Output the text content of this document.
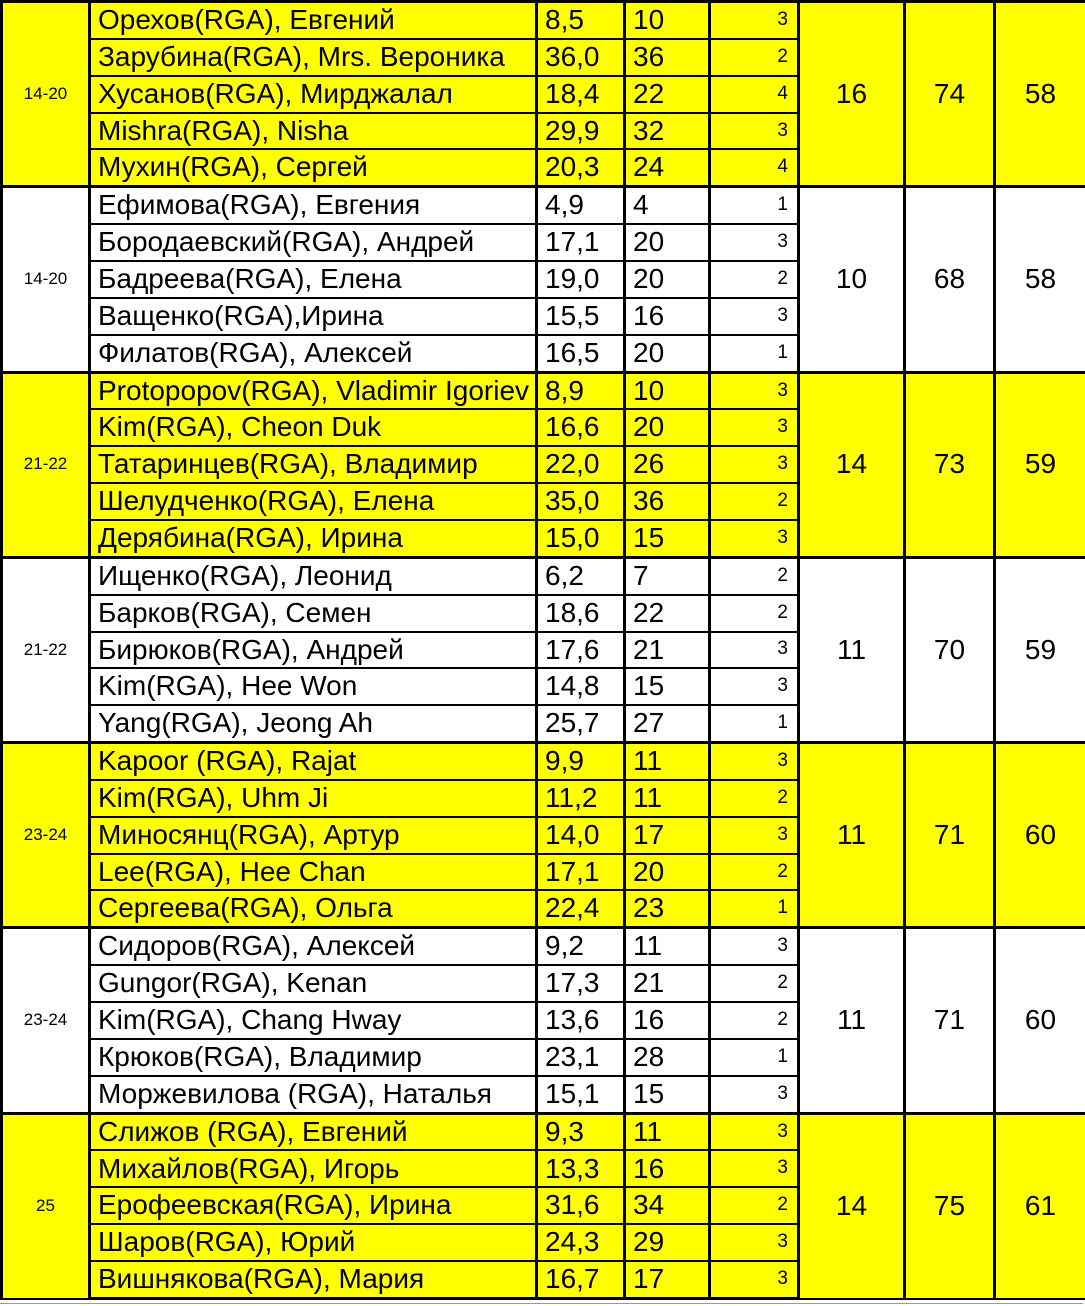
14-20	Орехов(RGA), Евгений	8,5	10	3	16	74	58
	Зарубина(RGA), Mrs. Вероника	36,0	36	2			
	Хусанов(RGA), Мирджалал	18,4	22	4			
	Mishra(RGA), Nisha	29,9	32	3			
	Мухин(RGA), Сергей	20,3	24	4			
14-20	Ефимова(RGA), Евгения	4,9	4	1	10	68	58
	Бородаевский(RGA), Андрей	17,1	20	3			
	Бадреева(RGA), Елена	19,0	20	2			
	Ващенко(RGA),Ирина	15,5	16	3			
	Филатов(RGA), Алексей	16,5	20	1			
21-22	Protopopov(RGA), Vladimir Igoriev	8,9	10	3	14	73	59
	Kim(RGA), Cheon Duk	16,6	20	3			
	Татаринцев(RGA), Владимир	22,0	26	3			
	Шелудченко(RGA), Елена	35,0	36	2			
	Дерябина(RGA), Ирина	15,0	15	3			
21-22	Ищенко(RGA), Леонид	6,2	7	2	11	70	59
	Барков(RGA), Семен	18,6	22	2			
	Бирюков(RGA), Андрей	17,6	21	3			
	Kim(RGA), Hee Won	14,8	15	3			
	Yang(RGA), Jeong Ah	25,7	27	1			
23-24	Kapoor (RGA), Rajat	9,9	11	3	11	71	60
	Kim(RGA), Uhm Ji	11,2	11	2			
	Миносянц(RGA), Артур	14,0	17	3			
	Lee(RGA), Hee Chan	17,1	20	2			
	Сергеева(RGA), Ольга	22,4	23	1			
23-24	Сидоров(RGA), Алексей	9,2	11	3	11	71	60
	Gungor(RGA), Kenan	17,3	21	2			
	Kim(RGA), Chang Hway	13,6	16	2			
	Крюков(RGA), Владимир	23,1	28	1			
	Моржевилова (RGA), Наталья	15,1	15	3			
25	Слижов (RGA), Евгений	9,3	11	3	14	75	61
	Михайлов(RGA), Игорь	13,3	16	3			
	Ерофеевская(RGA), Ирина	31,6	34	2			
	Шаров(RGA), Юрий	24,3	29	3			
	Вишнякова(RGA), Мария	16,7	17	3			
